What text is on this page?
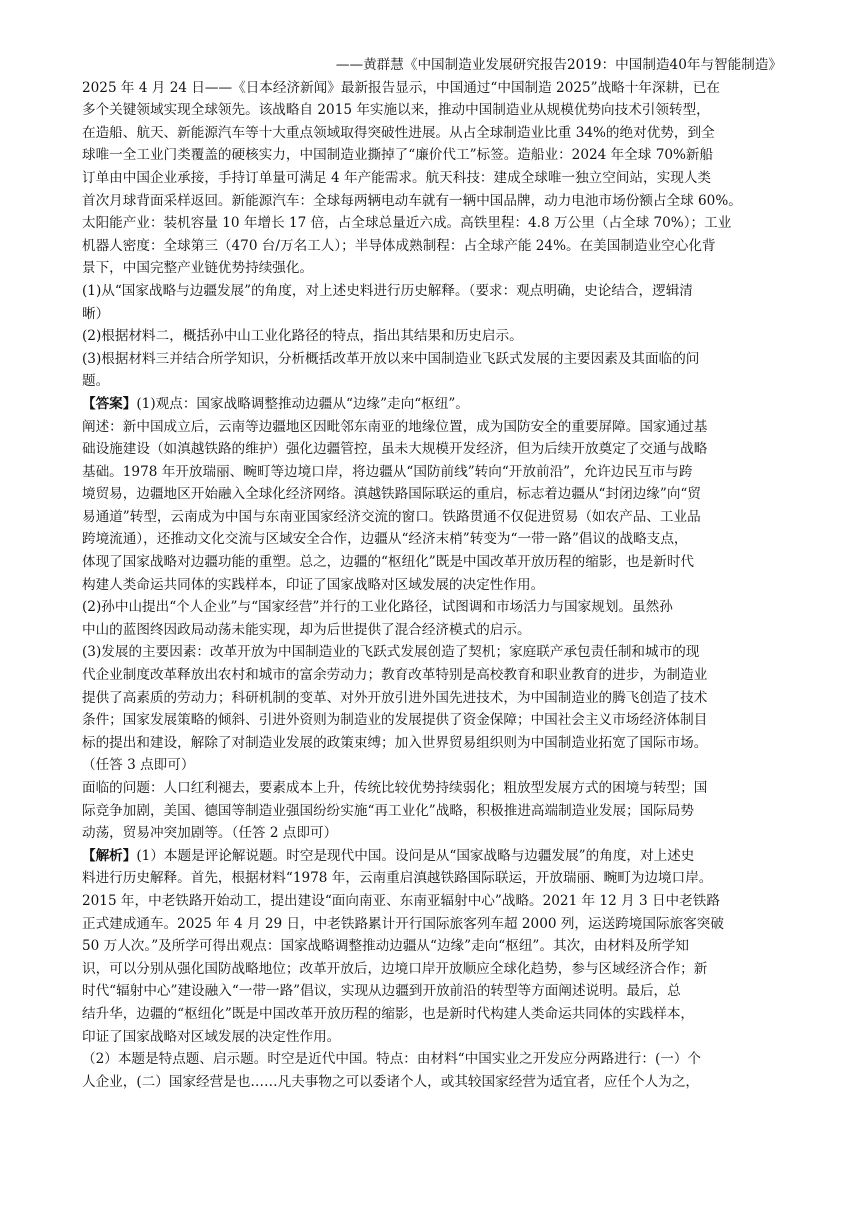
——黄群慧《中国制造业发展研究报告2019：中国制造40年与智能制造》
2025 年 4 月 24 日——《日本经济新闻》最新报告显示，中国通过“中国制造 2025”战略十年深耕，已在
多个关键领域实现全球领先。该战略自 2015 年实施以来，推动中国制造业从规模优势向技术引领转型，
在造船、航天、新能源汽车等十大重点领域取得突破性进展。从占全球制造业比重 34%的绝对优势，到全
球唯一全工业门类覆盖的硬核实力，中国制造业撕掉了“廉价代工”标签。造船业：2024 年全球 70%新船
订单由中国企业承接，手持订单量可满足 4 年产能需求。航天科技：建成全球唯一独立空间站，实现人类
首次月球背面采样返回。新能源汽车：全球每两辆电动车就有一辆中国品牌，动力电池市场份额占全球 60%。
太阳能产业：装机容量 10 年增长 17 倍，占全球总量近六成。高铁里程：4.8 万公里（占全球 70%）；工业
机器人密度：全球第三（470 台/万名工人）；半导体成熟制程：占全球产能 24%。在美国制造业空心化背
景下，中国完整产业链优势持续强化。
(1)从“国家战略与边疆发展”的角度，对上述史料进行历史解释。（要求：观点明确，史论结合，逻辑清
晰）
(2)根据材料二，概括孙中山工业化路径的特点，指出其结果和历史启示。
(3)根据材料三并结合所学知识，分析概括改革开放以来中国制造业飞跃式发展的主要因素及其面临的问
题。
【答案】(1)观点：国家战略调整推动边疆从“边缘”走向“枢纽”。
阐述：新中国成立后，云南等边疆地区因毗邻东南亚的地缘位置，成为国防安全的重要屏障。国家通过基
础设施建设（如滇越铁路的维护）强化边疆管控，虽未大规模开发经济，但为后续开放奠定了交通与战略
基础。1978 年开放瑞丽、畹町等边境口岸，将边疆从“国防前线”转向“开放前沿”，允许边民互市与跨
境贸易，边疆地区开始融入全球化经济网络。滇越铁路国际联运的重启，标志着边疆从“封闭边缘”向“贸
易通道”转型，云南成为中国与东南亚国家经济交流的窗口。铁路贯通不仅促进贸易（如农产品、工业品
跨境流通），还推动文化交流与区域安全合作，边疆从“经济末梢”转变为“一带一路”倡议的战略支点，
体现了国家战略对边疆功能的重塑。总之，边疆的“枢纽化”既是中国改革开放历程的缩影，也是新时代
构建人类命运共同体的实践样本，印证了国家战略对区域发展的决定性作用。
(2)孙中山提出“个人企业”与“国家经营”并行的工业化路径，试图调和市场活力与国家规划。虽然孙
中山的蓝图终因政局动荡未能实现，却为后世提供了混合经济模式的启示。
(3)发展的主要因素：改革开放为中国制造业的飞跃式发展创造了契机；家庭联产承包责任制和城市的现
代企业制度改革释放出农村和城市的富余劳动力；教育改革特别是高校教育和职业教育的进步，为制造业
提供了高素质的劳动力；科研机制的变革、对外开放引进外国先进技术，为中国制造业的腾飞创造了技术
条件；国家发展策略的倾斜、引进外资则为制造业的发展提供了资金保障；中国社会主义市场经济体制目
标的提出和建设，解除了对制造业发展的政策束缚；加入世界贸易组织则为中国制造业拓宽了国际市场。
（任答 3 点即可）
面临的问题：人口红利褪去，要素成本上升，传统比较优势持续弱化；粗放型发展方式的困境与转型；国
际竞争加剧，美国、德国等制造业强国纷纷实施“再工业化”战略，积极推进高端制造业发展；国际局势
动荡，贸易冲突加剧等。（任答 2 点即可）
【解析】(1）本题是评论解说题。时空是现代中国。设问是从“国家战略与边疆发展”的角度，对上述史
料进行历史解释。首先，根据材料“1978 年，云南重启滇越铁路国际联运，开放瑞丽、畹町为边境口岸。
2015 年，中老铁路开始动工，提出建设“面向南亚、东南亚辐射中心”战略。2021 年 12 月 3 日中老铁路
正式建成通车。2025 年 4 月 29 日，中老铁路累计开行国际旅客列车超 2000 列，运送跨境国际旅客突破
50 万人次。”及所学可得出观点：国家战略调整推动边疆从“边缘”走向“枢纽”。其次，由材料及所学知
识，可以分别从强化国防战略地位；改革开放后，边境口岸开放顺应全球化趋势，参与区域经济合作；新
时代“辐射中心”建设融入“一带一路”倡议，实现从边疆到开放前沿的转型等方面阐述说明。最后，总
结升华，边疆的“枢纽化”既是中国改革开放历程的缩影，也是新时代构建人类命运共同体的实践样本，
印证了国家战略对区域发展的决定性作用。
（2）本题是特点题、启示题。时空是近代中国。特点：由材料“中国实业之开发应分两路进行：(一）个
人企业，(二）国家经营是也……凡夫事物之可以委诸个人，或其较国家经营为适宜者，应任个人为之，
